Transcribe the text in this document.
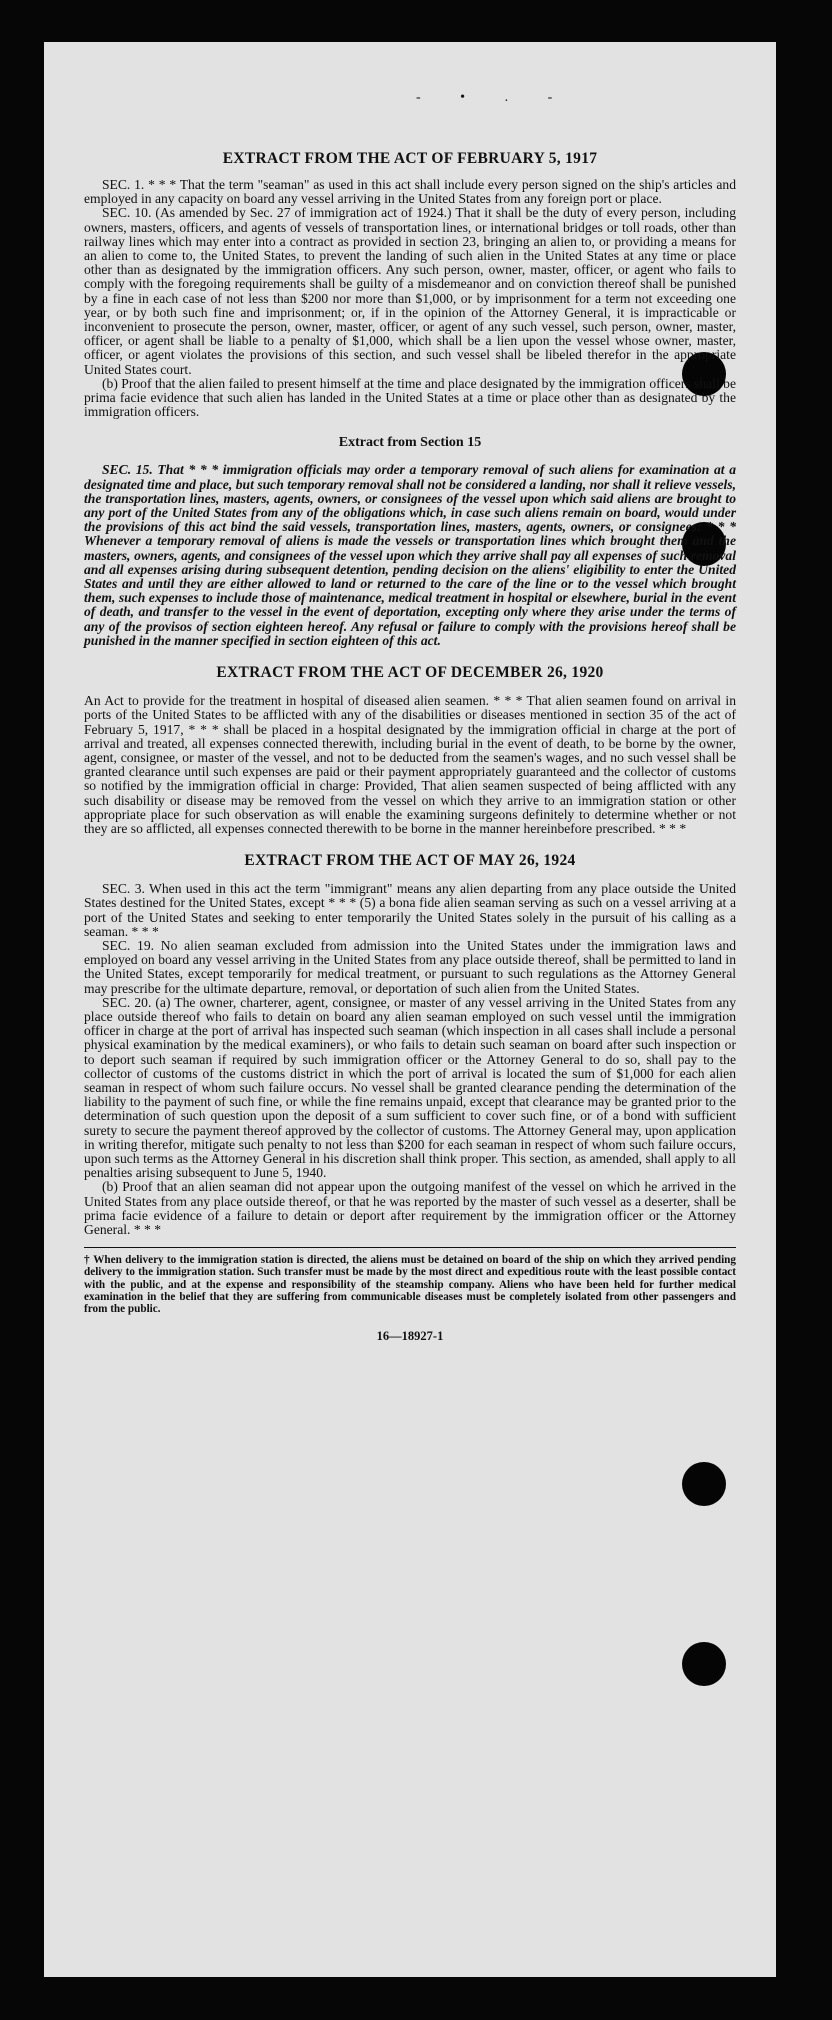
- • . -

EXTRACT FROM THE ACT OF FEBRUARY 5, 1917

SEC. 1. * * * That the term "seaman" as used in this act shall include every person signed on the ship's articles and employed in any capacity on board any vessel arriving in the United States from any foreign port or place.

SEC. 10. (As amended by Sec. 27 of immigration act of 1924.) That it shall be the duty of every person, including owners, masters, officers, and agents of vessels of transportation lines, or international bridges or toll roads, other than railway lines which may enter into a contract as provided in section 23, bringing an alien to, or providing a means for an alien to come to, the United States, to prevent the landing of such alien in the United States at any time or place other than as designated by the immigration officers. Any such person, owner, master, officer, or agent who fails to comply with the foregoing requirements shall be guilty of a misdemeanor and on conviction thereof shall be punished by a fine in each case of not less than $200 nor more than $1,000, or by imprisonment for a term not exceeding one year, or by both such fine and imprisonment; or, if in the opinion of the Attorney General, it is impracticable or inconvenient to prosecute the person, owner, master, officer, or agent of any such vessel, such person, owner, master, officer, or agent shall be liable to a penalty of $1,000, which shall be a lien upon the vessel whose owner, master, officer, or agent violates the provisions of this section, and such vessel shall be libeled therefor in the appropriate United States court.

(b) Proof that the alien failed to present himself at the time and place designated by the immigration officers shall be prima facie evidence that such alien has landed in the United States at a time or place other than as designated by the immigration officers.

Extract from Section 15

SEC. 15. That * * * immigration officials may order a temporary removal of such aliens for examination at a designated time and place, but such temporary removal shall not be considered a landing, nor shall it relieve vessels, the transportation lines, masters, agents, owners, or consignees of the vessel upon which said aliens are brought to any port of the United States from any of the obligations which, in case such aliens remain on board, would under the provisions of this act bind the said vessels, transportation lines, masters, agents, owners, or consignees: * * * Whenever a temporary removal of aliens is made the vessels or transportation lines which brought them and the masters, owners, agents, and consignees of the vessel upon which they arrive shall pay all expenses of such removal and all expenses arising during subsequent detention, pending decision on the aliens' eligibility to enter the United States and until they are either allowed to land or returned to the care of the line or to the vessel which brought them, such expenses to include those of maintenance, medical treatment in hospital or elsewhere, burial in the event of death, and transfer to the vessel in the event of deportation, excepting only where they arise under the terms of any of the provisos of section eighteen hereof. Any refusal or failure to comply with the provisions hereof shall be punished in the manner specified in section eighteen of this act.

EXTRACT FROM THE ACT OF DECEMBER 26, 1920

An Act to provide for the treatment in hospital of diseased alien seamen. * * * That alien seamen found on arrival in ports of the United States to be afflicted with any of the disabilities or diseases mentioned in section 35 of the act of February 5, 1917, * * * shall be placed in a hospital designated by the immigration official in charge at the port of arrival and treated, all expenses connected therewith, including burial in the event of death, to be borne by the owner, agent, consignee, or master of the vessel, and not to be deducted from the seamen's wages, and no such vessel shall be granted clearance until such expenses are paid or their payment appropriately guaranteed and the collector of customs so notified by the immigration official in charge: Provided, That alien seamen suspected of being afflicted with any such disability or disease may be removed from the vessel on which they arrive to an immigration station or other appropriate place for such observation as will enable the examining surgeons definitely to determine whether or not they are so afflicted, all expenses connected therewith to be borne in the manner hereinbefore prescribed. * * *

EXTRACT FROM THE ACT OF MAY 26, 1924

SEC. 3. When used in this act the term "immigrant" means any alien departing from any place outside the United States destined for the United States, except * * * (5) a bona fide alien seaman serving as such on a vessel arriving at a port of the United States and seeking to enter temporarily the United States solely in the pursuit of his calling as a seaman. * * *

SEC. 19. No alien seaman excluded from admission into the United States under the immigration laws and employed on board any vessel arriving in the United States from any place outside thereof, shall be permitted to land in the United States, except temporarily for medical treatment, or pursuant to such regulations as the Attorney General may prescribe for the ultimate departure, removal, or deportation of such alien from the United States.

SEC. 20. (a) The owner, charterer, agent, consignee, or master of any vessel arriving in the United States from any place outside thereof who fails to detain on board any alien seaman employed on such vessel until the immigration officer in charge at the port of arrival has inspected such seaman (which inspection in all cases shall include a personal physical examination by the medical examiners), or who fails to detain such seaman on board after such inspection or to deport such seaman if required by such immigration officer or the Attorney General to do so, shall pay to the collector of customs of the customs district in which the port of arrival is located the sum of $1,000 for each alien seaman in respect of whom such failure occurs. No vessel shall be granted clearance pending the determination of the liability to the payment of such fine, or while the fine remains unpaid, except that clearance may be granted prior to the determination of such question upon the deposit of a sum sufficient to cover such fine, or of a bond with sufficient surety to secure the payment thereof approved by the collector of customs. The Attorney General may, upon application in writing therefor, mitigate such penalty to not less than $200 for each seaman in respect of whom such failure occurs, upon such terms as the Attorney General in his discretion shall think proper. This section, as amended, shall apply to all penalties arising subsequent to June 5, 1940.

(b) Proof that an alien seaman did not appear upon the outgoing manifest of the vessel on which he arrived in the United States from any place outside thereof, or that he was reported by the master of such vessel as a deserter, shall be prima facie evidence of a failure to detain or deport after requirement by the immigration officer or the Attorney General. * * *

† When delivery to the immigration station is directed, the aliens must be detained on board of the ship on which they arrived pending delivery to the immigration station. Such transfer must be made by the most direct and expeditious route with the least possible contact with the public, and at the expense and responsibility of the steamship company. Aliens who have been held for further medical examination in the belief that they are suffering from communicable diseases must be completely isolated from other passengers and from the public.

16—18927-1
